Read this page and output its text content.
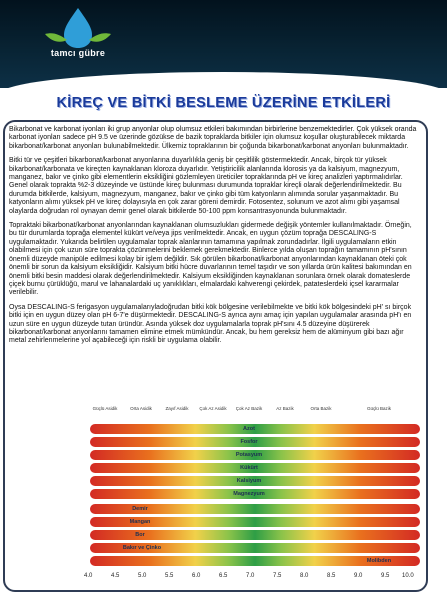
tamcı gübre
KİREÇ VE BİTKİ BESLEME ÜZERİNE ETKİLERİ

Bikarbonat ve karbonat iyonları iki grup anyonlar olup olumsuz etkileri bakımından birbirlerine benzemektedirler. Çok yüksek oranda karbonat iyonları sadece pH 9.5 ve üzerinde gözükse de bazik topraklarda bitkiler için olumsuz koşullar oluşturabilecek miktarda bikarbonat/karbonat anyonları bulunabilmektedir. Ülkemiz topraklarının bir çoğunda bikarbonat/karbonat anyonları bulunmaktadır.

Bitki tür ve çeşitleri bikarbonat/karbonat anyonlarına duyarlılıkla geniş bir çeşitlilik göstermektedir. Ancak, birçok tür yüksek bikarbonat/karbonata ve kireçten kaynaklanan kloroza duyarlıdır. Yetiştiricilik alanlarında klorosis ya da kalsiyum, magnezyum, manganez, bakır ve çinko gibi elementlerin eksikliğini gözlemleyen üreticiler topraklarında pH ve kireç analizleri yaptırmalıdırlar. Genel olarak toprakta %2-3 düzeyinde ve üstünde kireç bulunması durumunda topraklar kireçli olarak değerlendirilmektedir. Bu durumda bitkilerde, kalsiyum, magnezyum, manganez, bakır ve çinko gibi tüm katyonların alımında sorular yaşanmaktadır. Bu katyonların alımı yüksek pH ve kireç dolayısıyla en çok zarar göreni demirdir. Fotosentez, solunum ve azot alımı gibi yaşamsal olaylarda doğrudan rol oynayan demir genel olarak bitkilerde 50-100 ppm konsantrasyonunda bulunmaktadır.

Topraktaki bikarbonat/karbonat anyonlarından kaynaklanan olumsuzlukları gidermede değişik yöntemler kullanılmaktadır. Örneğin, bu tür durumlarda toprağa elementel kükürt ve/veya jips verilmektedir. Ancak, en uygun çözüm toprağa DESCALING-S uygulamaktadır. Yukarıda belirtilen uygulamalar toprak alanlarının tamamına yapılmak zorundadırlar. İlgili uygulamaların etkin olabilmesi için çok uzun süre toprakta çözünmelerini beklemek gerekmektedir. Binlerce yılda oluşan toprağın tamamının pH'sının önemli düzeyde manipüle edilmesi kolay bir işlem değildir. Sık görülen bikarbonat/karbonat anyonlarından kaynaklanan öteki çok önemli bir sorun da kalsiyum eksikliğidir. Kalsiyum bitki hücre duvarlarının temel taşıdır ve son yıllarda ürün kalitesi bakımından en önemli bitki besin maddesi olarak değerlendirilmektedir. Kalsiyum eksikliğinden kaynaklanan sorunlara örnek olarak domateslerde çiçek burnu çürüklüğü, marul ve lahanalardaki uç yanıklıkları, elmalardaki kahverengi çekirdek, patateslerdeki içsel kararmalar verilebilir.

Oysa DESCALING-S ferigasyon uygulamalarıyladoğrudan bitki kök bölgesine verilebilmekte ve bitki kök bölgesindeki pH' sı birçok bitki için en uygun düzey olan pH 6-7'e düşürmektedir. DESCALING-S ayrıca aynı amaç için yapılan uygulamalar arasında pH'ı en uzun süre en uygun düzeyde tutan üründür. Asında yüksek doz uygulamalarla toprak pH'sını 4.5 düzeyine düşürerek bikarbonat/karbonat anyonlarını tamamen elimine etmek mümkündür. Ancak, bu hem gereksiz hem de alüminyum gibi bazı ağır metal zehirlenmelerine yol açabileceği için riskli bir uygulama olabilir.

Güçlü Asidik	Orta Asidik	Zayıf Asidik	Çok Az Asidik	Çok Az Bazik	Az Bazik	Orta Bazik	Güçlü Bazik
Azot
Fosfor
Potasyum
Kükürt
Kalsiyum
Magnezyum
Demir
Mangan
Bor
Bakır ve Çinko
Molibden
4.0	4.5	5.0	5.5	6.0	6.5	7.0	7.5	8.0	8.5	9.0	9.5 10.0
